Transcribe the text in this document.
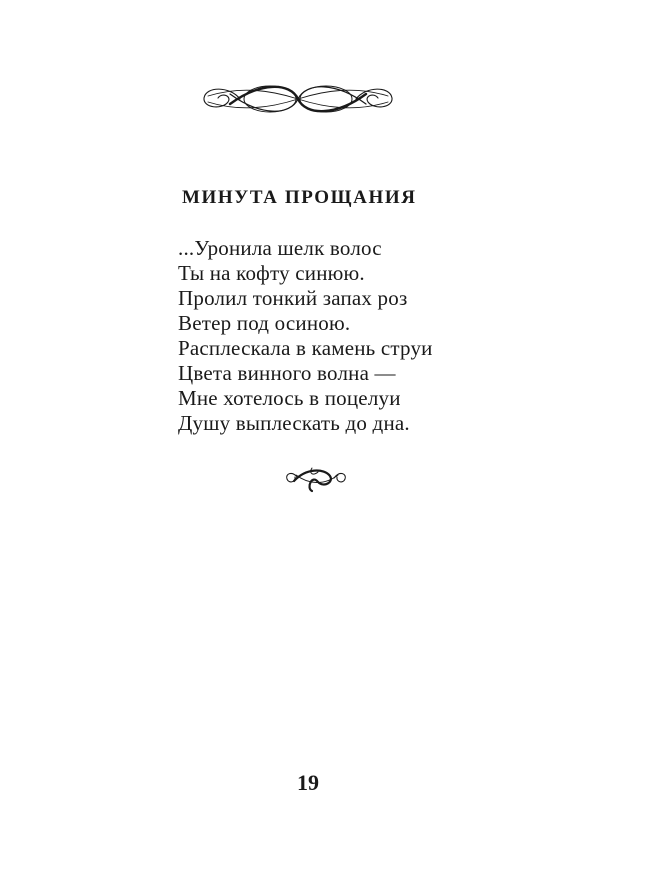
МИНУТА ПРОЩАНИЯ
...Уронила шелк волос
Ты на кофту синюю.
Пролил тонкий запах роз
Ветер под осиною.
Расплескала в камень струи
Цвета винного волна —
Мне хотелось в поцелуи
Душу выплескать до дна.
19
